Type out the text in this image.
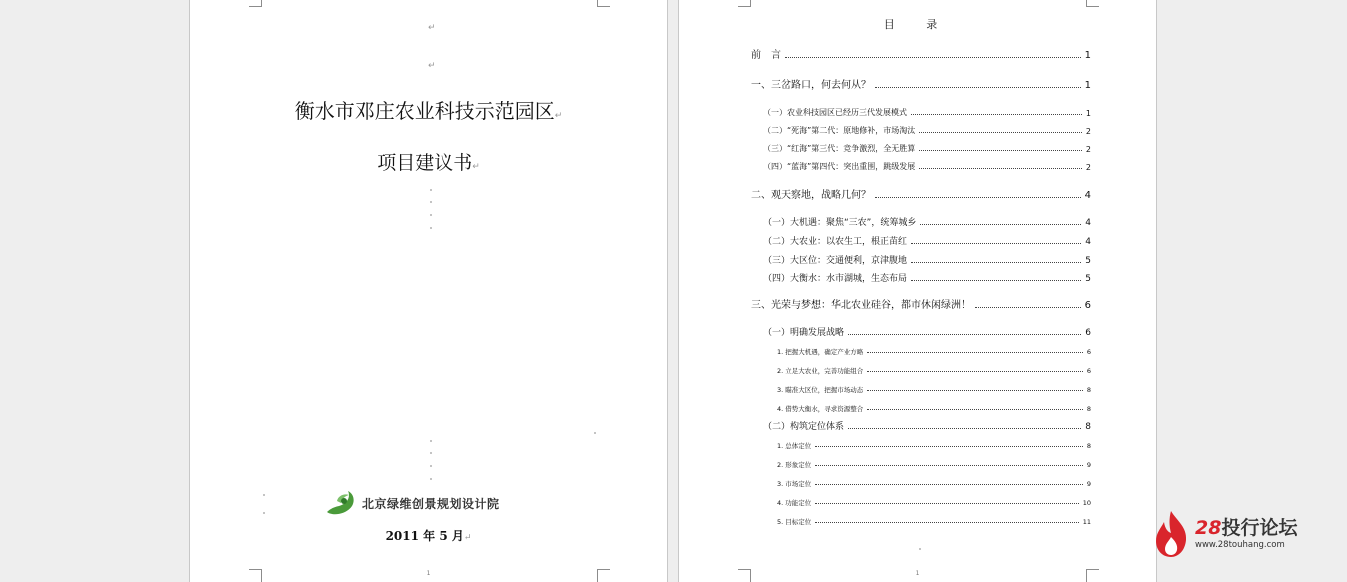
↵
↵
衡水市邓庄农业科技示范园区↵
项目建议书↵
北京绿维创景规划设计院
2011 年 5 月↵
1
目 录
前　言	1
一、三岔路口，何去何从？	1
（一）农业科技园区已经历三代发展模式	1
（二）“死海”第二代：原地修补，市场淘汰	2
（三）“红海”第三代：竞争激烈，全无胜算	2
（四）“蓝海”第四代：突出重围，跳级发展	2
二、观天察地，战略几何？	4
（一）大机遇：聚焦“三农”，统筹城乡	4
（二）大农业：以农生工，根正苗红	4
（三）大区位：交通便利，京津腹地	5
（四）大衡水：水市湖城，生态布局	5
三、光荣与梦想：华北农业硅谷，都市休闲绿洲！	6
（一）明确发展战略	6
1. 把握大机遇，确定产业方略	6
2. 立足大农业，完善功能组合	6
3. 瞄准大区位，把握市场动态	8
4. 借势大衡水，寻求资源整合	8
（二）构筑定位体系	8
1. 总体定位	8
2. 形象定位	9
3. 市场定位	9
4. 功能定位	10
5. 目标定位	11
1
28投行论坛
www.28touhang.com
